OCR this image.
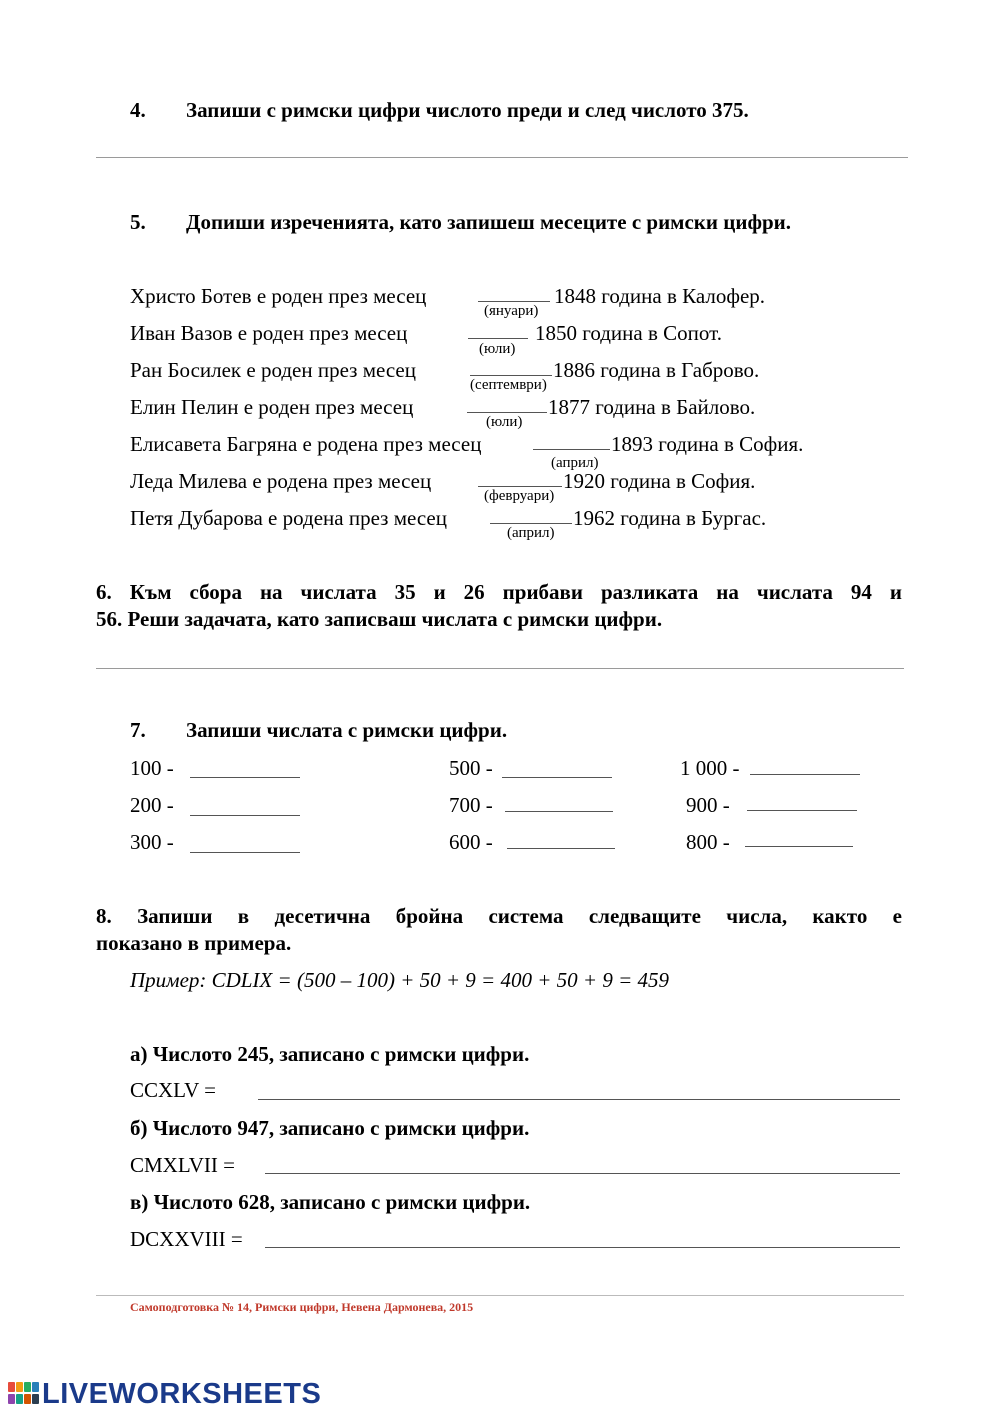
4. Запиши с римски цифри числото преди и след числото 375.
5. Допиши изреченията, като запишеш месеците с римски цифри.
Христо Ботев е роден през месец	1848 година в Калофер.
(януари)
Иван Вазов е роден през месец	1850 година в Сопот.
(юли)
Ран Босилек е роден през месец	1886 година в Габрово.
(септември)
Елин Пелин е роден през месец	1877 година в Байлово.
(юли)
Елисавета Багряна е родена през месец	1893 година в София.
(април)
Леда Милева е родена през месец	1920 година в София.
(февруари)
Петя Дубарова е родена през месец	1962 година в Бургас.
(април)
6. Към сбора на числата 35 и 26 прибави разликата на числата 94 и
56. Реши задачата, като записваш числата с римски цифри.
7. Запиши числата с римски цифри.
100 -	500 -	1 000 -
200 -	700 -	900 -
300 -	600 -	800 -
8. Запиши в десетична бройна система следващите числа, както е
показано в примера.
Пример: CDLIX = (500 – 100) + 50 + 9 = 400 + 50 + 9 = 459
а) Числото 245, записано с римски цифри.
CCXLV =
б) Числото 947, записано с римски цифри.
CMXLVII =
в) Числото 628, записано с римски цифри.
DCXXVIII =
Самоподготовка № 14, Римски цифри, Невена Дармонева, 2015
LIVEWORKSHEETS
